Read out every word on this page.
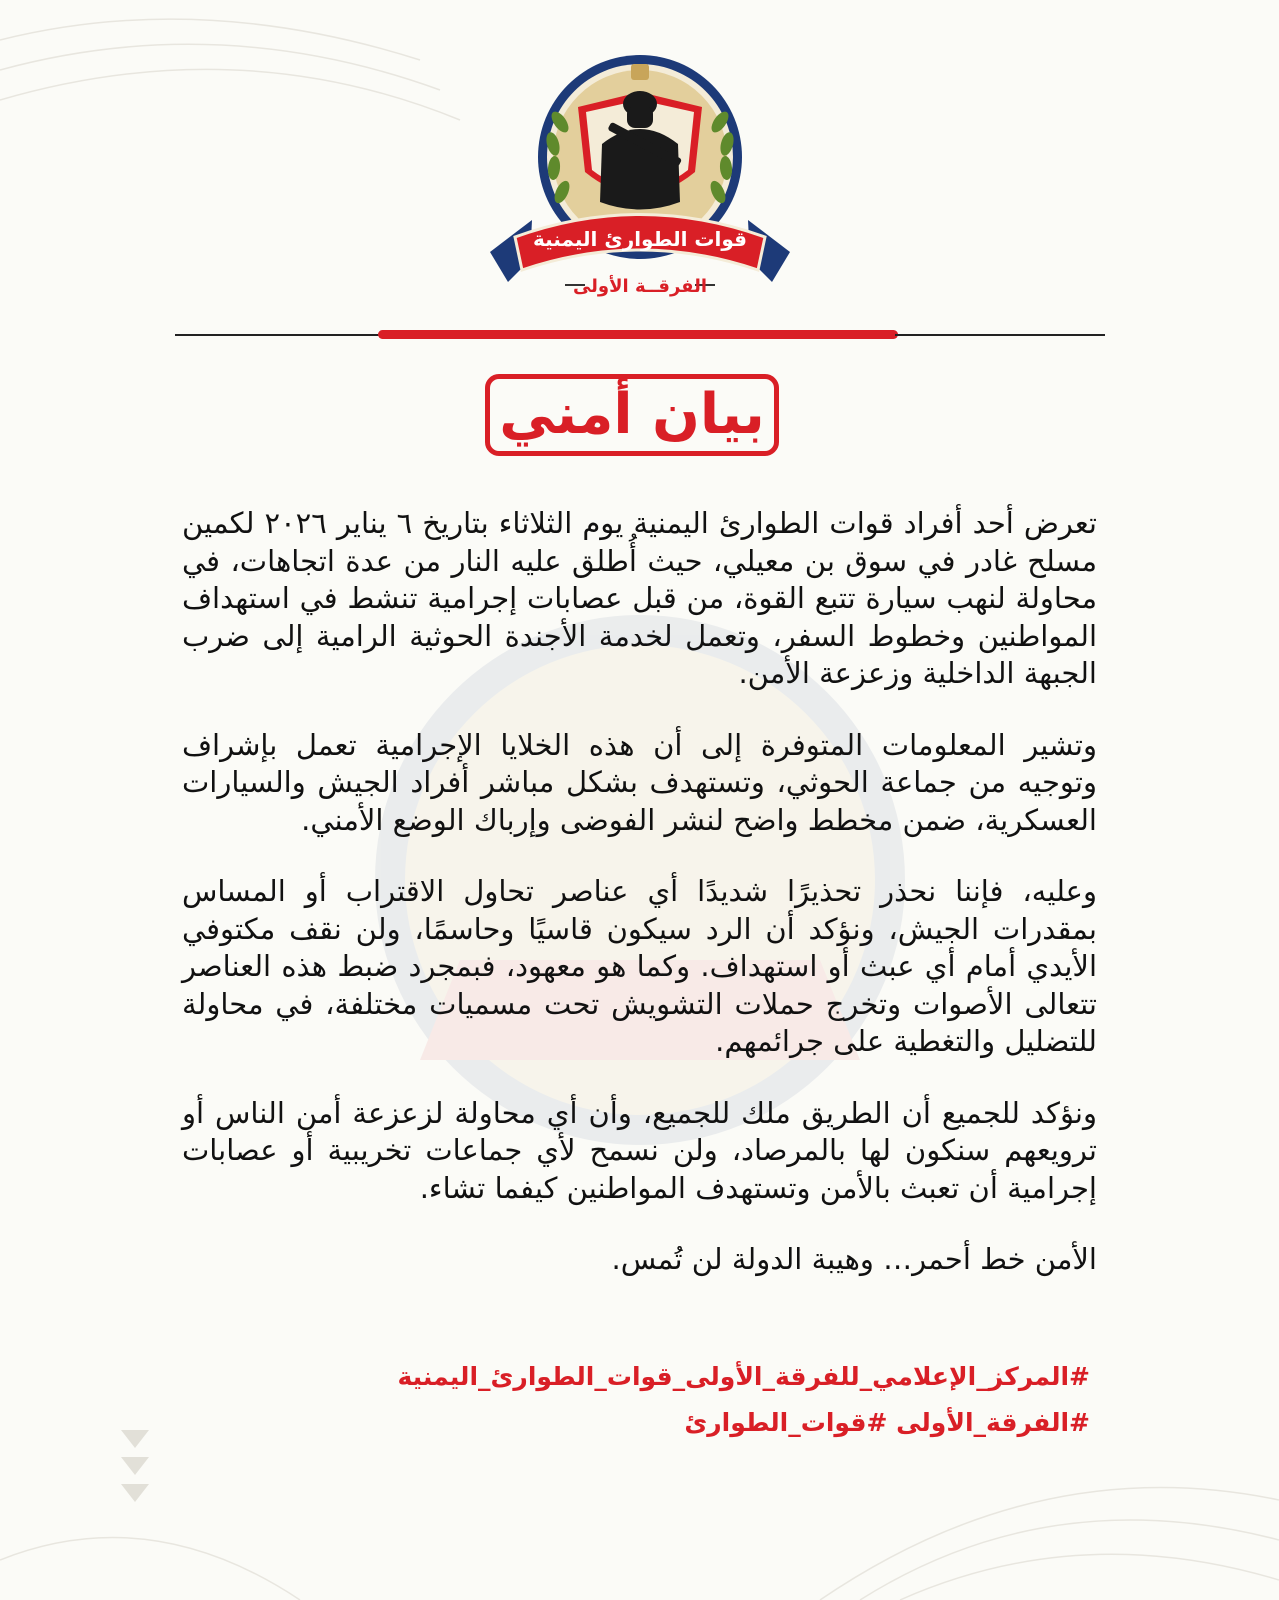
قوات الطوارئ اليمنية
الفرقــة الأولى
بيان أمني

تعرض أحد أفراد قوات الطوارئ اليمنية يوم الثلاثاء بتاريخ ٦ يناير ٢٠٢٦ لكمين مسلح غادر في سوق بن معيلي، حيث أُطلق عليه النار من عدة اتجاهات، في محاولة لنهب سيارة تتبع القوة، من قبل عصابات إجرامية تنشط في استهداف المواطنين وخطوط السفر، وتعمل لخدمة الأجندة الحوثية الرامية إلى ضرب الجبهة الداخلية وزعزعة الأمن.

وتشير المعلومات المتوفرة إلى أن هذه الخلايا الإجرامية تعمل بإشراف وتوجيه من جماعة الحوثي، وتستهدف بشكل مباشر أفراد الجيش والسيارات العسكرية، ضمن مخطط واضح لنشر الفوضى وإرباك الوضع الأمني.

وعليه، فإننا نحذر تحذيرًا شديدًا أي عناصر تحاول الاقتراب أو المساس بمقدرات الجيش، ونؤكد أن الرد سيكون قاسيًا وحاسمًا، ولن نقف مكتوفي الأيدي أمام أي عبث أو استهداف. وكما هو معهود، فبمجرد ضبط هذه العناصر تتعالى الأصوات وتخرج حملات التشويش تحت مسميات مختلفة، في محاولة للتضليل والتغطية على جرائمهم.

ونؤكد للجميع أن الطريق ملك للجميع، وأن أي محاولة لزعزعة أمن الناس أو ترويعهم سنكون لها بالمرصاد، ولن نسمح لأي جماعات تخريبية أو عصابات إجرامية أن تعبث بالأمن وتستهدف المواطنين كيفما تشاء.

الأمن خط أحمر… وهيبة الدولة لن تُمس.

#المركز_الإعلامي_للفرقة_الأولى_قوات_الطوارئ_اليمنية
#الفرقة_الأولى #قوات_الطوارئ
